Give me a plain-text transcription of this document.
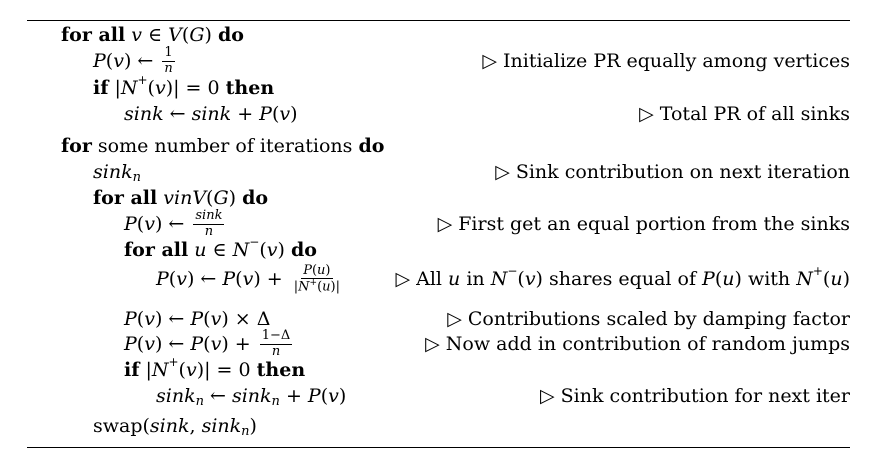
for all
v ∈ V ( G ) do
P ( v ) ← $\frac{1}{n}$	▷ Initialize PR equally among vertices
if | N + ( v )| = 0 then
sink ← sink + P ( v )	▷ Total PR of all sinks
for some number of iterations do
sink n	▷ Sink contribution on next iteration
for all
vinV ( G ) do
P ( v ) ← $\frac{\sin k}{n}$	▷ First get an equal portion from the sinks
for all
u ∈ N − ( v ) do
P ( v ) ← P ( v ) + $\frac{P(u)}{|N^+(u)|}$	▷ All u in N − ( v ) shares equal of P ( u ) with N + ( u )
P ( v ) ← P ( v ) × Δ	▷ Contributions scaled by damping factor
P ( v ) ← P ( v ) + $\frac{1-\Delta}{n}$	▷ Now add in contribution of random jumps
if | N + ( v )| = 0 then
sink n ← sink n + P ( v )	▷ Sink contribution for next iter
swap( sink , sink n )
